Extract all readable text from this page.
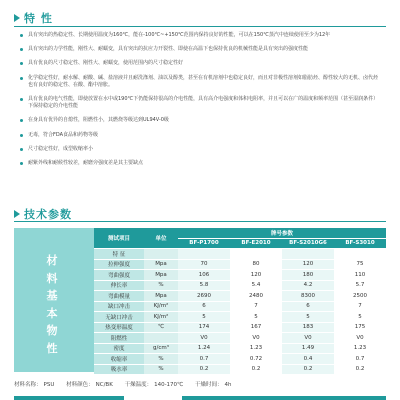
特 性
具有突出的热稳定性、长期使用温度为160℃，能在-100℃~+150℃范围内保持良好的性能，可以在150℃蒸汽中连续使用至少为12年
具有突出的力学性能，刚性大、耐蠕变，具有突出的抗应力开裂性、即使在高温下也保持优良的机械性能是具有突出的强度性能
具有优良的尺寸稳定性、刚性大、耐蠕变，使用范围内的尺寸稳定性好
化学稳定性好，耐水解、耐酸、碱、盐溶液并且耐洗涤剂、油以及醇类，甚至在有机溶剂中也稳定良好，而且对非极性溶剂如脂肪烃、醇性较大的无机、卤代烃也有良好的稳定性、在酸、酯中溶胀。
具有优良的电气性能，即使放置在水中或190℃下仍能保持很高的介电性能，具有高介电强度和体积电阻率，并且可以在广的温度和频率范围（甚至湿润条件）下保持稳定的介电性能
在身具有优异的自熄性，阻燃性小，其燃烧等级达到UL94V-0级
无毒，符合FDA食品和药物等级
尺寸稳定性好，成型收缩率小
耐紫外线和耐候性较差，耐磨旁强度差是其主要缺点
技术参数
材料基本物性
测试项目	单位	牌号参数			
		BF-P1700	BF-E2010	BF-S2010G6	BF-S3010
特 征					
拉伸强度	Mpa	70	80	120	75
弯曲强度	Mpa	106	120	180	110
伸长率	%	5.8	5.4	4.2	5.7
弯曲模量	Mpa	2690	2480	8300	2500
缺口冲击	KJ/m²	6	7	6	7
无缺口冲击	KJ/m²	5	5	5	5
热变形温度	℃	174	167	183	175
阻燃性		V0	V0	V0	V0
密度	g/cm³	1.24	1.23	1.49	1.23
收缩率	%	0.7	0.72	0.4	0.7
吸水率	%	0.2	0.2	0.2	0.2
材料名称： PSU 材料颜色： NC/BK 干燥温度： 140-170℃ 干燥时间： 4h
